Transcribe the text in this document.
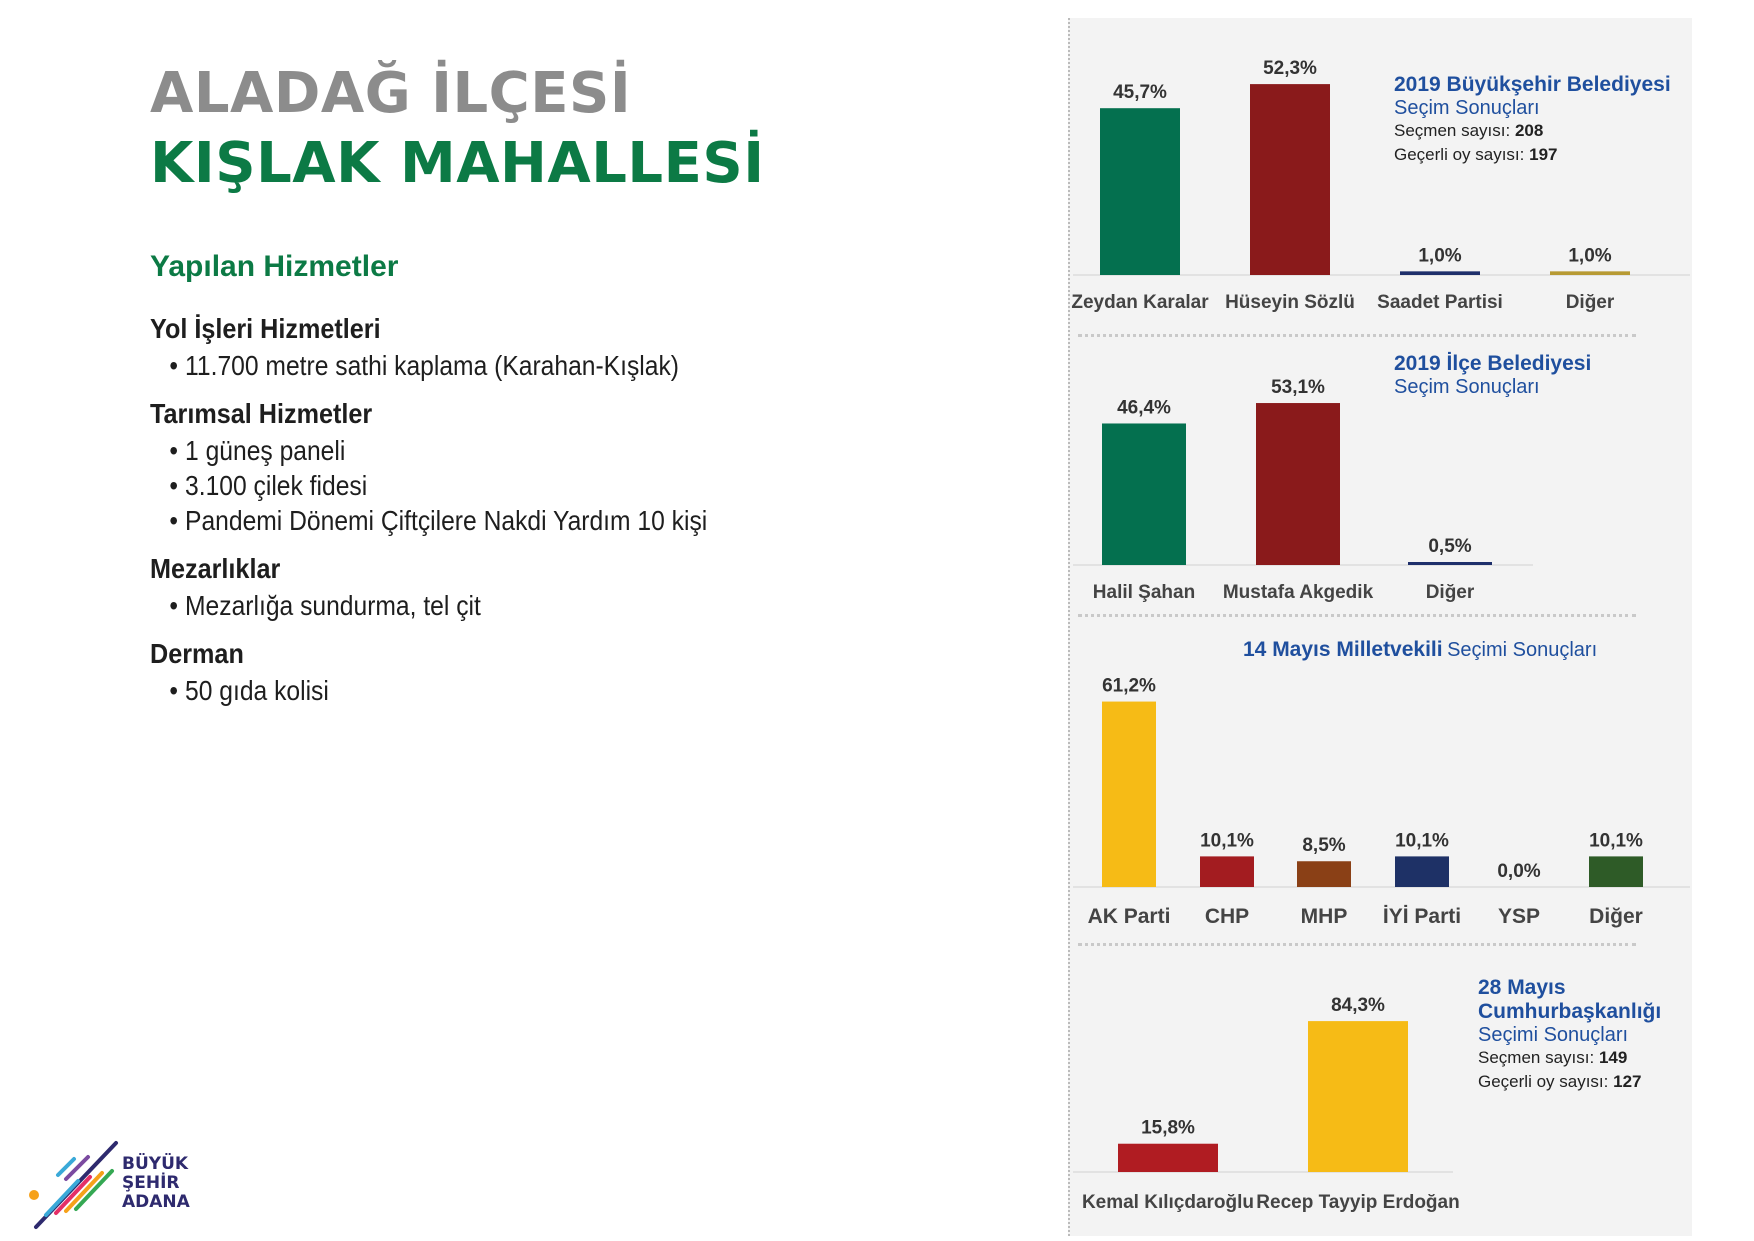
ALADAĞ İLÇESİ
KIŞLAK MAHALLESİ
Yapılan Hizmetler

Yol İşleri Hizmetleri

• 11.700 metre sathi kaplama (Karahan-Kışlak)

Tarımsal Hizmetler

• 1 güneş paneli
• 3.100 çilek fidesi
• Pandemi Dönemi Çiftçilere Nakdi Yardım 10 kişi

Mezarlıklar

• Mezarlığa sundurma, tel çit

Derman

• 50 gıda kolisi
BÜYÜK
ŞEHİR
ADANA
45,7%
Zeydan Karalar
52,3%
Hüseyin Sözlü
1,0%
Saadet Partisi
1,0%
Diğer
2019 Büyükşehir Belediyesi
Seçim Sonuçları
Seçmen sayısı: 208
Geçerli oy sayısı: 197
46,4%
Halil Şahan
53,1%
Mustafa Akgedik
0,5%
Diğer
2019 İlçe Belediyesi
Seçim Sonuçları
61,2%
AK Parti
10,1%
CHP
8,5%
MHP
10,1%
İYİ Parti
0,0%
YSP
10,1%
Diğer
14 Mayıs Milletvekili Seçimi Sonuçları
15,8%
Kemal Kılıçdaroğlu
84,3%
Recep Tayyip Erdoğan
28 Mayıs Cumhurbaşkanlığı
Seçimi Sonuçları
Seçmen sayısı: 149
Geçerli oy sayısı: 127
